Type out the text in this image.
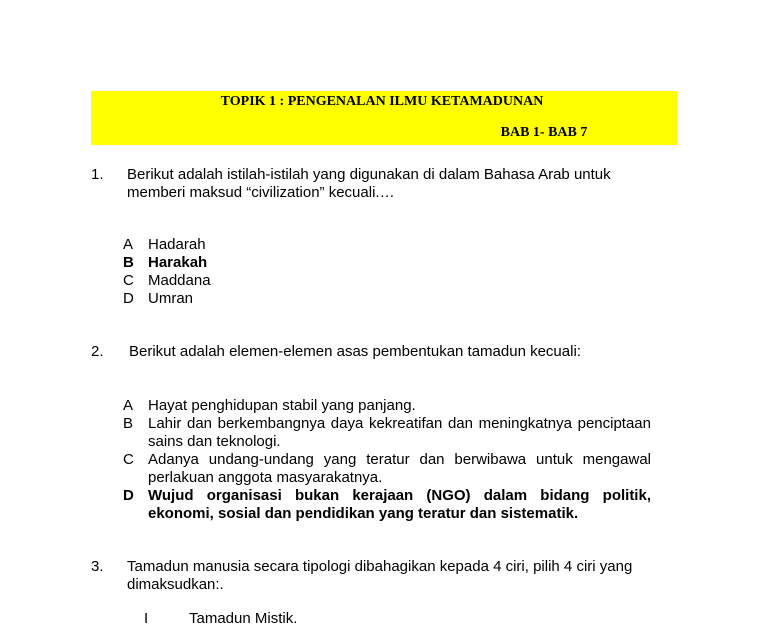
TOPIK 1 : PENGENALAN ILMU KETAMADUNAN
BAB 1- BAB 7
1. Berikut adalah istilah-istilah yang digunakan di dalam Bahasa Arab untuk memberi maksud “civilization” kecuali.…
A Hadarah
B Harakah
C Maddana
D Umran
2. Berikut adalah elemen-elemen asas pembentukan tamadun kecuali:
A Hayat penghidupan stabil yang panjang.
B Lahir dan berkembangnya daya kekreatifan dan meningkatnya penciptaan sains dan teknologi.
C Adanya undang-undang yang teratur dan berwibawa untuk mengawal perlakuan anggota masyarakatnya.
D Wujud organisasi bukan kerajaan (NGO) dalam bidang politik, ekonomi, sosial dan pendidikan yang teratur dan sistematik.
3. Tamadun manusia secara tipologi dibahagikan kepada 4 ciri, pilih 4 ciri yang dimaksudkan:.
I	Tamadun Mistik.
